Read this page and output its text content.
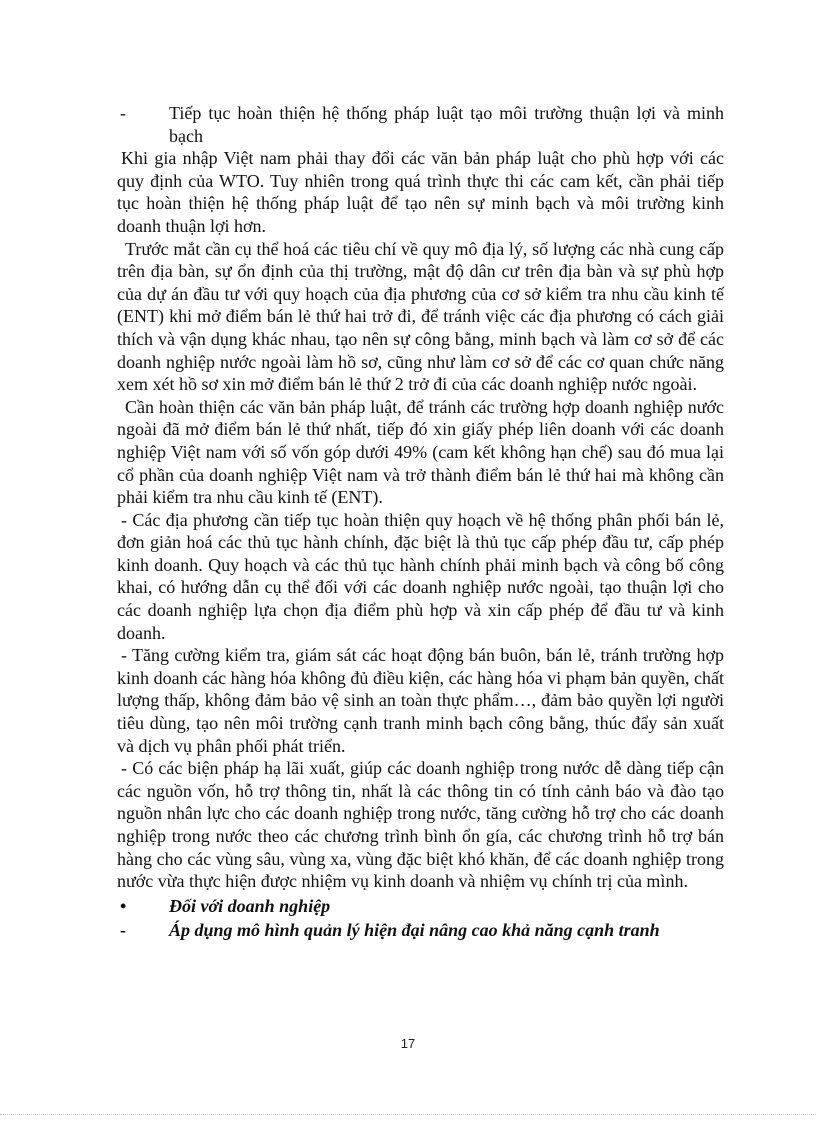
- Tiếp tục hoàn thiện hệ thống pháp luật tạo môi trường thuận lợi và minh bạch

Khi gia nhập Việt nam phải thay đổi các văn bản pháp luật cho phù hợp với các quy định của WTO. Tuy nhiên trong quá trình thực thi các cam kết, cần phải tiếp tục hoàn thiện hệ thống pháp luật để tạo nên sự minh bạch và môi trường kinh doanh thuận lợi hơn.

Trước mắt cần cụ thể hoá các tiêu chí về quy mô địa lý, số lượng các nhà cung cấp trên địa bàn, sự ổn định của thị trường, mật độ dân cư trên địa bàn và sự phù hợp của dự án đầu tư với quy hoạch của địa phương của cơ sở kiểm tra nhu cầu kinh tế (ENT) khi mở điểm bán lẻ thứ hai trở đi, để tránh việc các địa phương có cách giải thích và vận dụng khác nhau, tạo nên sự công bằng, minh bạch và làm cơ sở để các doanh nghiệp nước ngoài làm hồ sơ, cũng như làm cơ sở để các cơ quan chức năng xem xét hồ sơ xin mở điểm bán lẻ thứ 2 trở đi của các doanh nghiệp nước ngoài.

Cần hoàn thiện các văn bản pháp luật, để tránh các trường hợp doanh nghiệp nước ngoài đã mở điểm bán lẻ thứ nhất, tiếp đó xin giấy phép liên doanh với các doanh nghiệp Việt nam với số vốn góp dưới 49% (cam kết không hạn chế) sau đó mua lại cổ phần của doanh nghiệp Việt nam và trở thành điểm bán lẻ thứ hai mà không cần phải kiểm tra nhu cầu kinh tế (ENT).

- Các địa phương cần tiếp tục hoàn thiện quy hoạch về hệ thống phân phối bán lẻ, đơn giản hoá các thủ tục hành chính, đặc biệt là thủ tục cấp phép đầu tư, cấp phép kinh doanh. Quy hoạch và các thủ tục hành chính phải minh bạch và công bố công khai, có hướng dẫn cụ thể đối với các doanh nghiệp nước ngoài, tạo thuận lợi cho các doanh nghiệp lựa chọn địa điểm phù hợp và xin cấp phép để đầu tư và kinh doanh.

- Tăng cường kiểm tra, giám sát các hoạt động bán buôn, bán lẻ, tránh trường hợp kinh doanh các hàng hóa không đủ điều kiện, các hàng hóa vi phạm bản quyền, chất lượng thấp, không đảm bảo vệ sinh an toàn thực phẩm…, đảm bảo quyền lợi người tiêu dùng, tạo nên môi trường cạnh tranh minh bạch công bằng, thúc đẩy sản xuất và dịch vụ phân phối phát triển.

- Có các biện pháp hạ lãi xuất, giúp các doanh nghiệp trong nước dễ dàng tiếp cận các nguồn vốn, hỗ trợ thông tin, nhất là các thông tin có tính cảnh báo và đào tạo nguồn nhân lực cho các doanh nghiệp trong nước, tăng cường hỗ trợ cho các doanh nghiệp trong nước theo các chương trình bình ổn gía, các chương trình hỗ trợ bán hàng cho các vùng sâu, vùng xa, vùng đặc biệt khó khăn, để các doanh nghiệp trong nước vừa thực hiện được nhiệm vụ kinh doanh và nhiệm vụ chính trị của mình.

• Đối với doanh nghiệp

- Áp dụng mô hình quản lý hiện đại nâng cao khả năng cạnh tranh

17
